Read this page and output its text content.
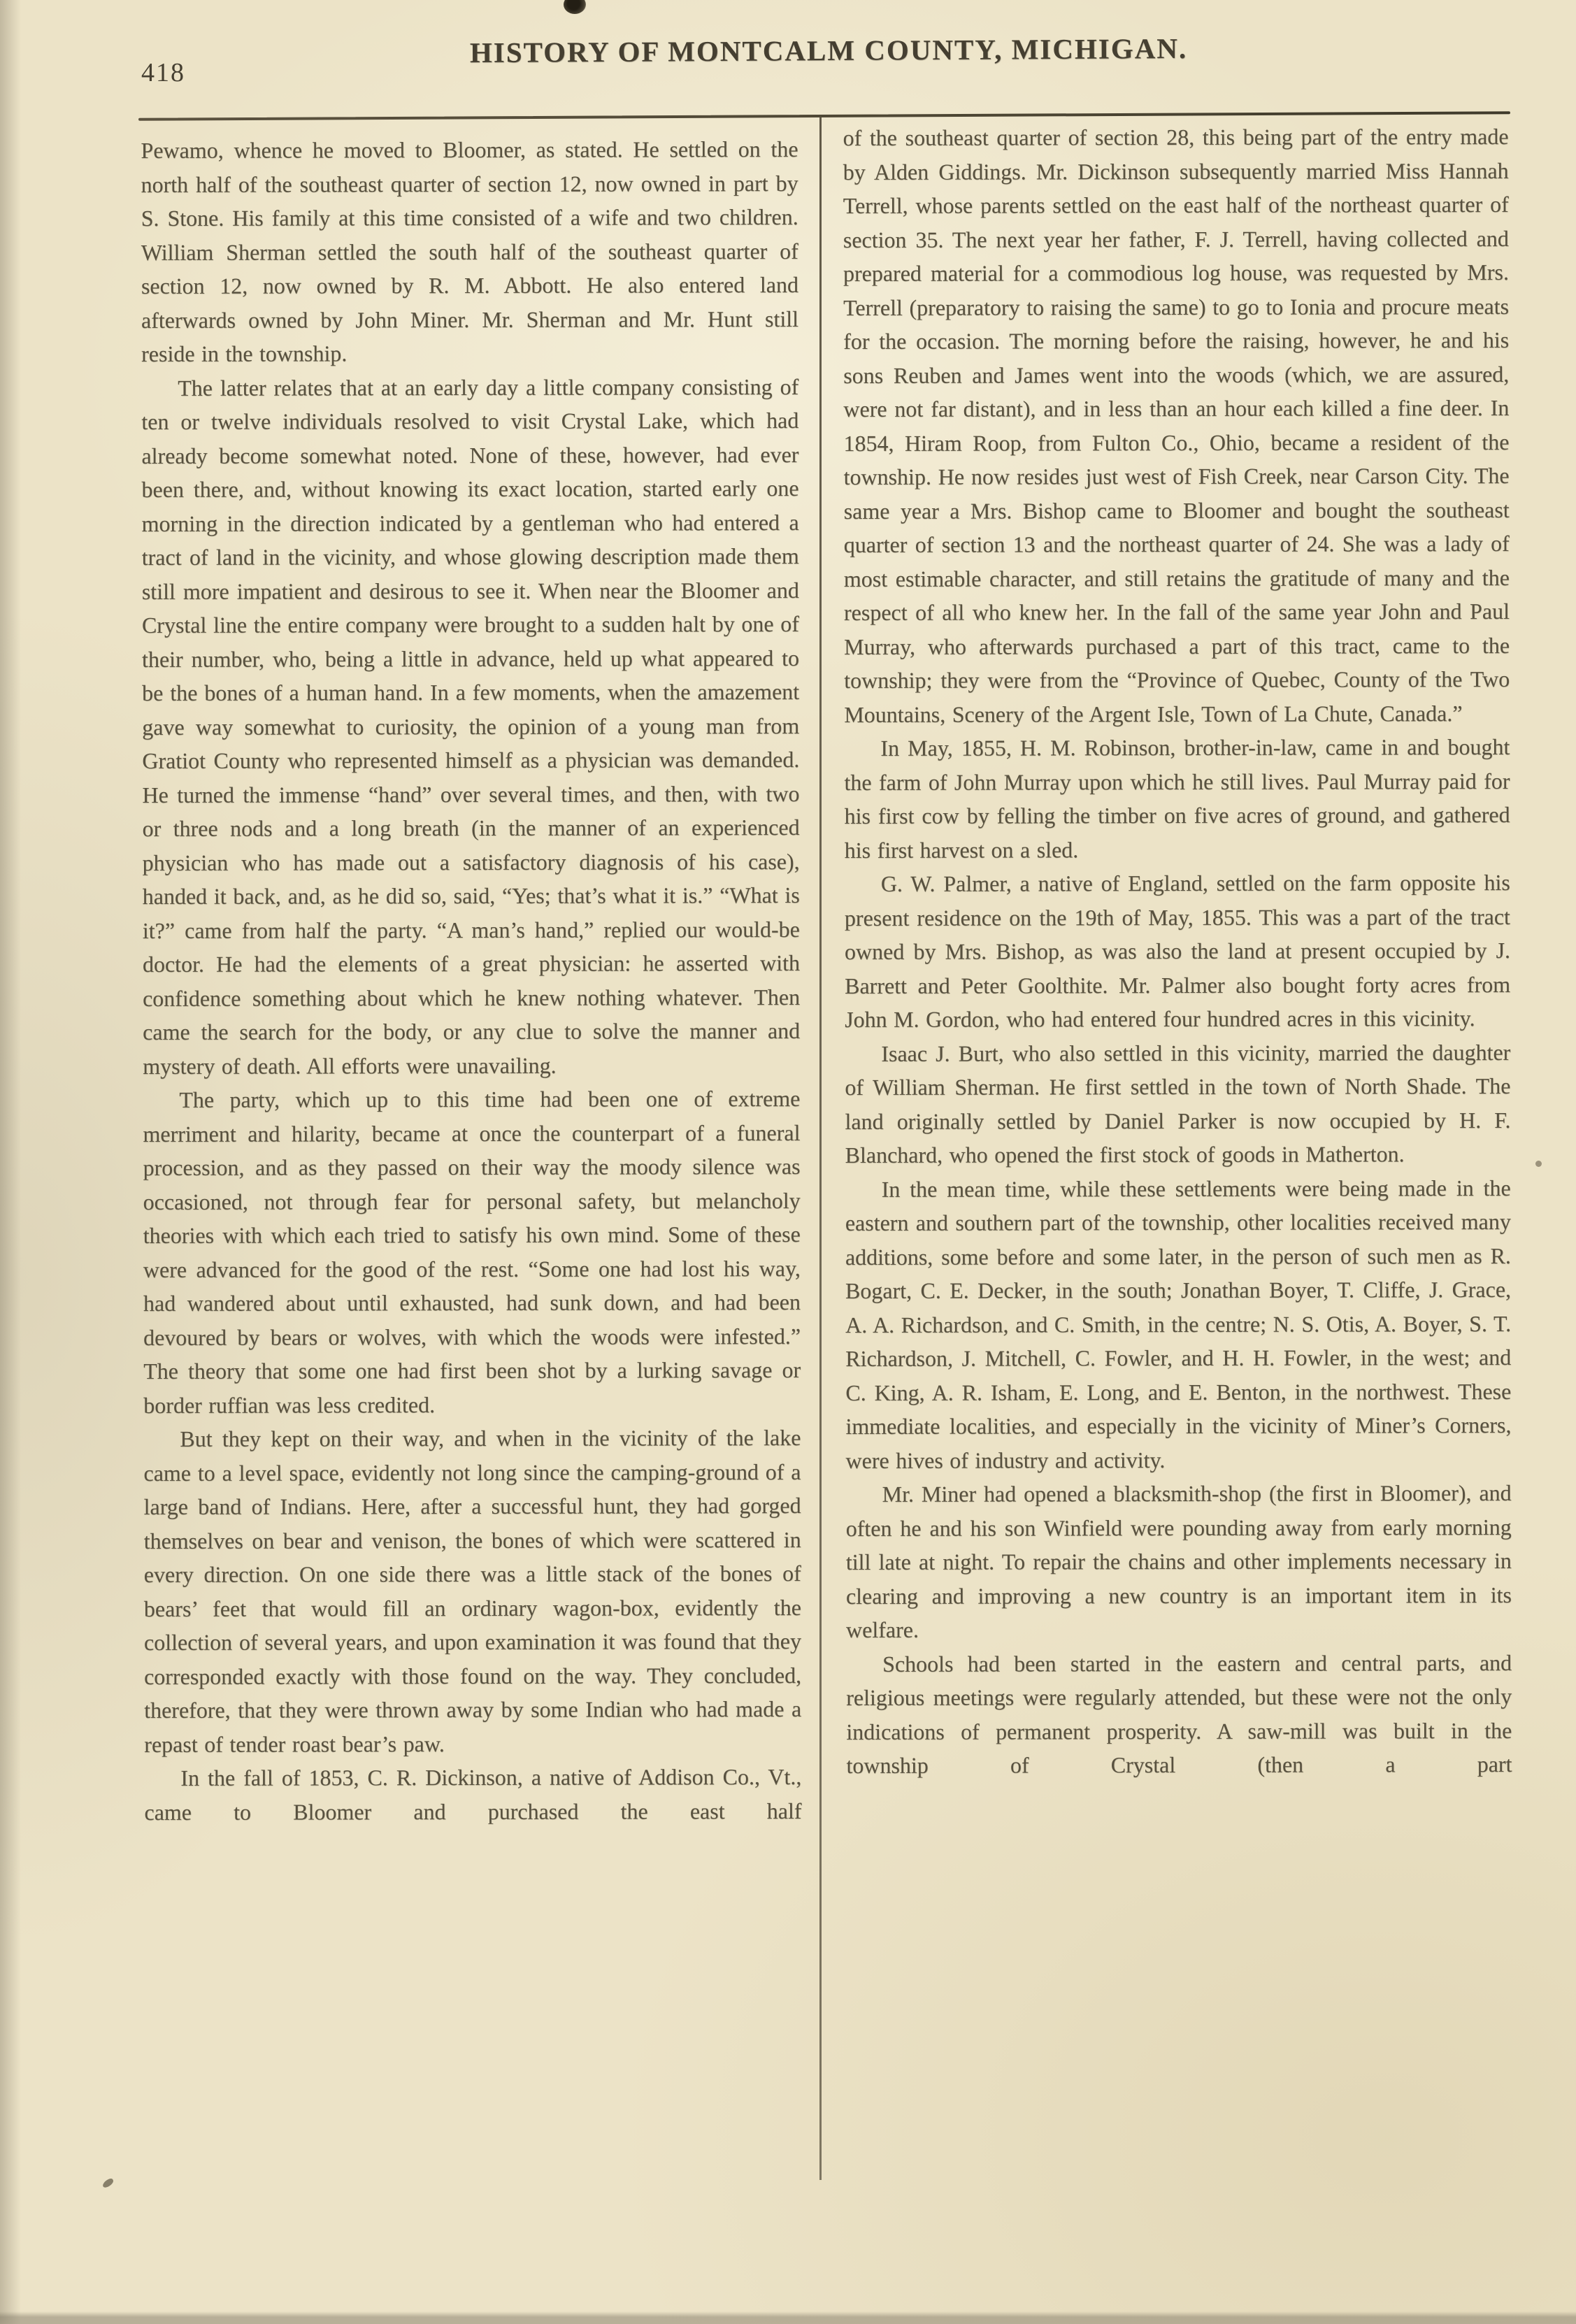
418
HISTORY OF MONTCALM COUNTY, MICHIGAN.

Pewamo, whence he moved to Bloomer, as stated. He settled on the north half of the southeast quarter of section 12, now owned in part by S. Stone. His family at this time consisted of a wife and two children. William Sherman settled the south half of the southeast quarter of section 12, now owned by R. M. Abbott. He also entered land afterwards owned by John Miner. Mr. Sherman and Mr. Hunt still reside in the township.

The latter relates that at an early day a little company consisting of ten or twelve individuals resolved to visit Crystal Lake, which had already become somewhat noted. None of these, however, had ever been there, and, without knowing its exact location, started early one morning in the direction indicated by a gentleman who had entered a tract of land in the vicinity, and whose glowing description made them still more impatient and desirous to see it. When near the Bloomer and Crystal line the entire company were brought to a sudden halt by one of their number, who, being a little in advance, held up what appeared to be the bones of a human hand. In a few moments, when the amazement gave way somewhat to curiosity, the opinion of a young man from Gratiot County who represented himself as a physician was demanded. He turned the immense “hand” over several times, and then, with two or three nods and a long breath (in the manner of an experienced physician who has made out a satisfactory diagnosis of his case), handed it back, and, as he did so, said, “Yes; that’s what it is.” “What is it?” came from half the party. “A man’s hand,” replied our would-be doctor. He had the elements of a great physician: he asserted with confidence something about which he knew nothing whatever. Then came the search for the body, or any clue to solve the manner and mystery of death. All efforts were unavailing.

The party, which up to this time had been one of extreme merriment and hilarity, became at once the counterpart of a funeral procession, and as they passed on their way the moody silence was occasioned, not through fear for personal safety, but melancholy theories with which each tried to satisfy his own mind. Some of these were advanced for the good of the rest. “Some one had lost his way, had wandered about until exhausted, had sunk down, and had been devoured by bears or wolves, with which the woods were infested.” The theory that some one had first been shot by a lurking savage or border ruffian was less credited.

But they kept on their way, and when in the vicinity of the lake came to a level space, evidently not long since the camping-ground of a large band of Indians. Here, after a successful hunt, they had gorged themselves on bear and venison, the bones of which were scattered in every direction. On one side there was a little stack of the bones of bears’ feet that would fill an ordinary wagon-box, evidently the collection of several years, and upon examination it was found that they corresponded exactly with those found on the way. They concluded, therefore, that they were thrown away by some Indian who had made a repast of tender roast bear’s paw.

In the fall of 1853, C. R. Dickinson, a native of Addison Co., Vt., came to Bloomer and purchased the east half

of the southeast quarter of section 28, this being part of the entry made by Alden Giddings. Mr. Dickinson subsequently married Miss Hannah Terrell, whose parents settled on the east half of the northeast quarter of section 35. The next year her father, F. J. Terrell, having collected and prepared material for a commodious log house, was requested by Mrs. Terrell (preparatory to raising the same) to go to Ionia and procure meats for the occasion. The morning before the raising, however, he and his sons Reuben and James went into the woods (which, we are assured, were not far distant), and in less than an hour each killed a fine deer. In 1854, Hiram Roop, from Fulton Co., Ohio, became a resident of the township. He now resides just west of Fish Creek, near Carson City. The same year a Mrs. Bishop came to Bloomer and bought the southeast quarter of section 13 and the northeast quarter of 24. She was a lady of most estimable character, and still retains the gratitude of many and the respect of all who knew her. In the fall of the same year John and Paul Murray, who afterwards purchased a part of this tract, came to the township; they were from the “Province of Quebec, County of the Two Mountains, Scenery of the Argent Isle, Town of La Chute, Canada.”

In May, 1855, H. M. Robinson, brother-in-law, came in and bought the farm of John Murray upon which he still lives. Paul Murray paid for his first cow by felling the timber on five acres of ground, and gathered his first harvest on a sled.

G. W. Palmer, a native of England, settled on the farm opposite his present residence on the 19th of May, 1855. This was a part of the tract owned by Mrs. Bishop, as was also the land at present occupied by J. Barrett and Peter Goolthite. Mr. Palmer also bought forty acres from John M. Gordon, who had entered four hundred acres in this vicinity.

Isaac J. Burt, who also settled in this vicinity, married the daughter of William Sherman. He first settled in the town of North Shade. The land originally settled by Daniel Parker is now occupied by H. F. Blanchard, who opened the first stock of goods in Matherton.

In the mean time, while these settlements were being made in the eastern and southern part of the township, other localities received many additions, some before and some later, in the person of such men as R. Bogart, C. E. Decker, in the south; Jonathan Boyer, T. Cliffe, J. Grace, A. A. Richardson, and C. Smith, in the centre; N. S. Otis, A. Boyer, S. T. Richardson, J. Mitchell, C. Fowler, and H. H. Fowler, in the west; and C. King, A. R. Isham, E. Long, and E. Benton, in the northwest. These immediate localities, and especially in the vicinity of Miner’s Corners, were hives of industry and activity.

Mr. Miner had opened a blacksmith-shop (the first in Bloomer), and often he and his son Winfield were pounding away from early morning till late at night. To repair the chains and other implements necessary in clearing and improving a new country is an important item in its welfare.

Schools had been started in the eastern and central parts, and religious meetings were regularly attended, but these were not the only indications of permanent prosperity. A saw-mill was built in the township of Crystal (then a part
